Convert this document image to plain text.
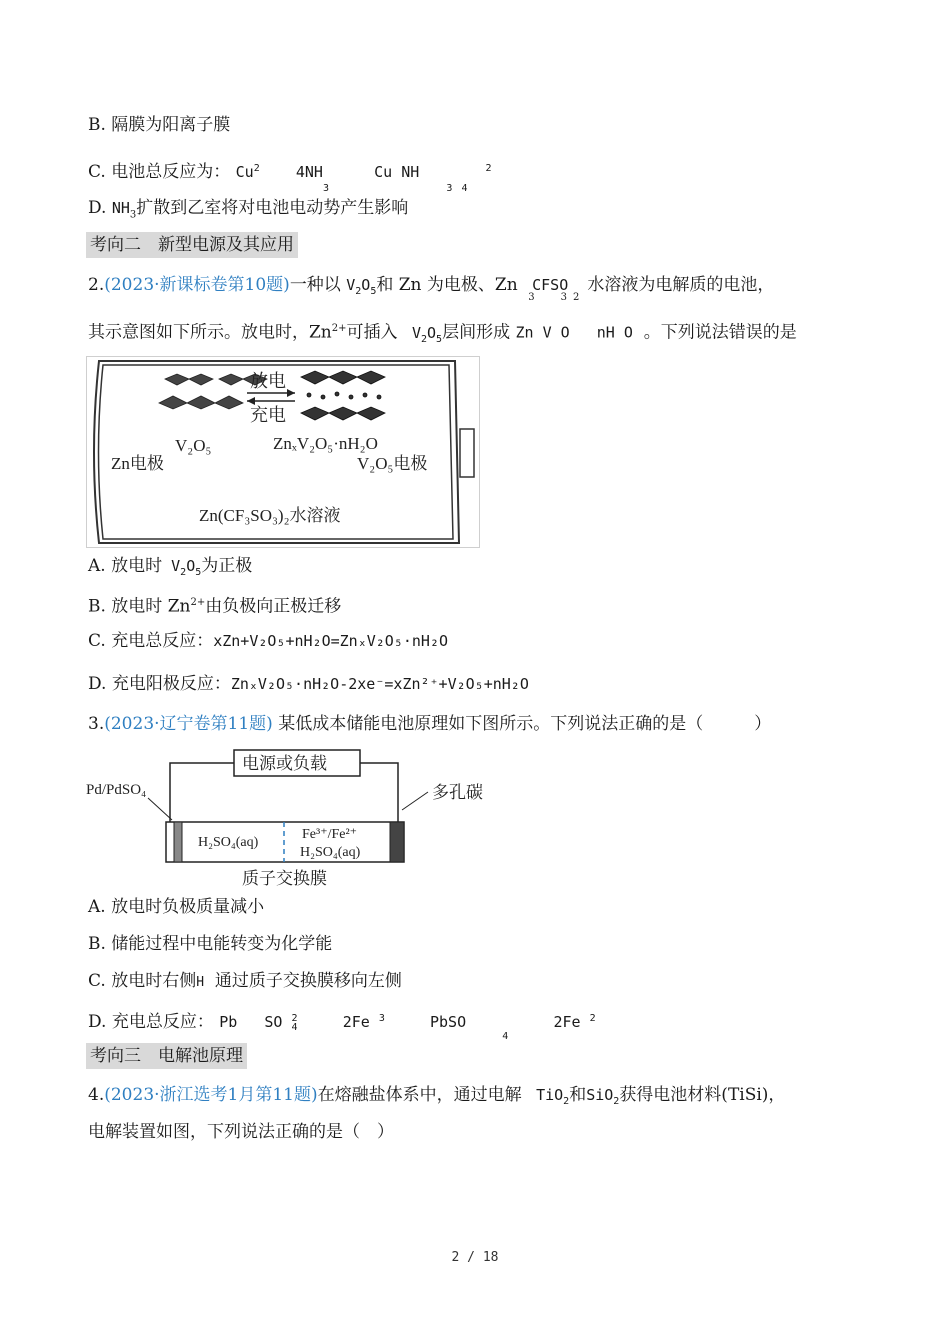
B. 隔膜为阳离子膜
C. 电池总反应为： Cu$^2$ $4NH_3$     Cu NH   $_3$ $_4$  $^2$
D. $NH_3$扩散到乙室将对电池电动势产生影响
考向二　新型电源及其应用
2.(2023·新课标卷第10题)一种以 $V_2O_5$和 Zn 为电极、Zn $CFSO_3$	$_3$ $_2$水溶液为电解质的电池，
其示意图如下所示。放电时，$Zn^{2+}$可插入 $V_2O_5$层间形成 Zn V O nH O 。下列说法错误的是
放电
充电
V₂O₅	ZnₓV₂O₅·nH₂O
Zn电极	V₂O₅电极
Zn(CF₃SO₃)₂水溶液
A. 放电时 $V_2O_5$为正极
B. 放电时 $Zn^{2+}$由负极向正极迁移
C. 充电总反应：xZn+V₂O₅+nH₂O=ZnₓV₂O₅·nH₂O
D. 充电阳极反应：ZnₓV₂O₅·nH₂O-2xe⁻=xZn²⁺+V₂O₅+nH₂O
3.(2023·辽宁卷第11题) 某低成本储能电池原理如下图所示。下列说法正确的是（　　　）
电源或负载
Pd/PdSO₄	多孔碳
H₂SO₄(aq)
Fe³⁺/Fe²⁺
H₂SO₄(aq)
质子交换膜
A. 放电时负极质量减小
B. 储能过程中电能转变为化学能
C. 放电时右侧H 通过质子交换膜移向左侧
D. 充电总反应： Pb SO 2
4	2Fe $^3$	PbSO    $_4$     2Fe $^2$
考向三　电解池原理
4.(2023·浙江选考1月第11题)在熔融盐体系中，通过电解 TiO$_2$和SiO$_2$获得电池材料(TiSi)，
电解装置如图，下列说法正确的是（　）
2 / 18
